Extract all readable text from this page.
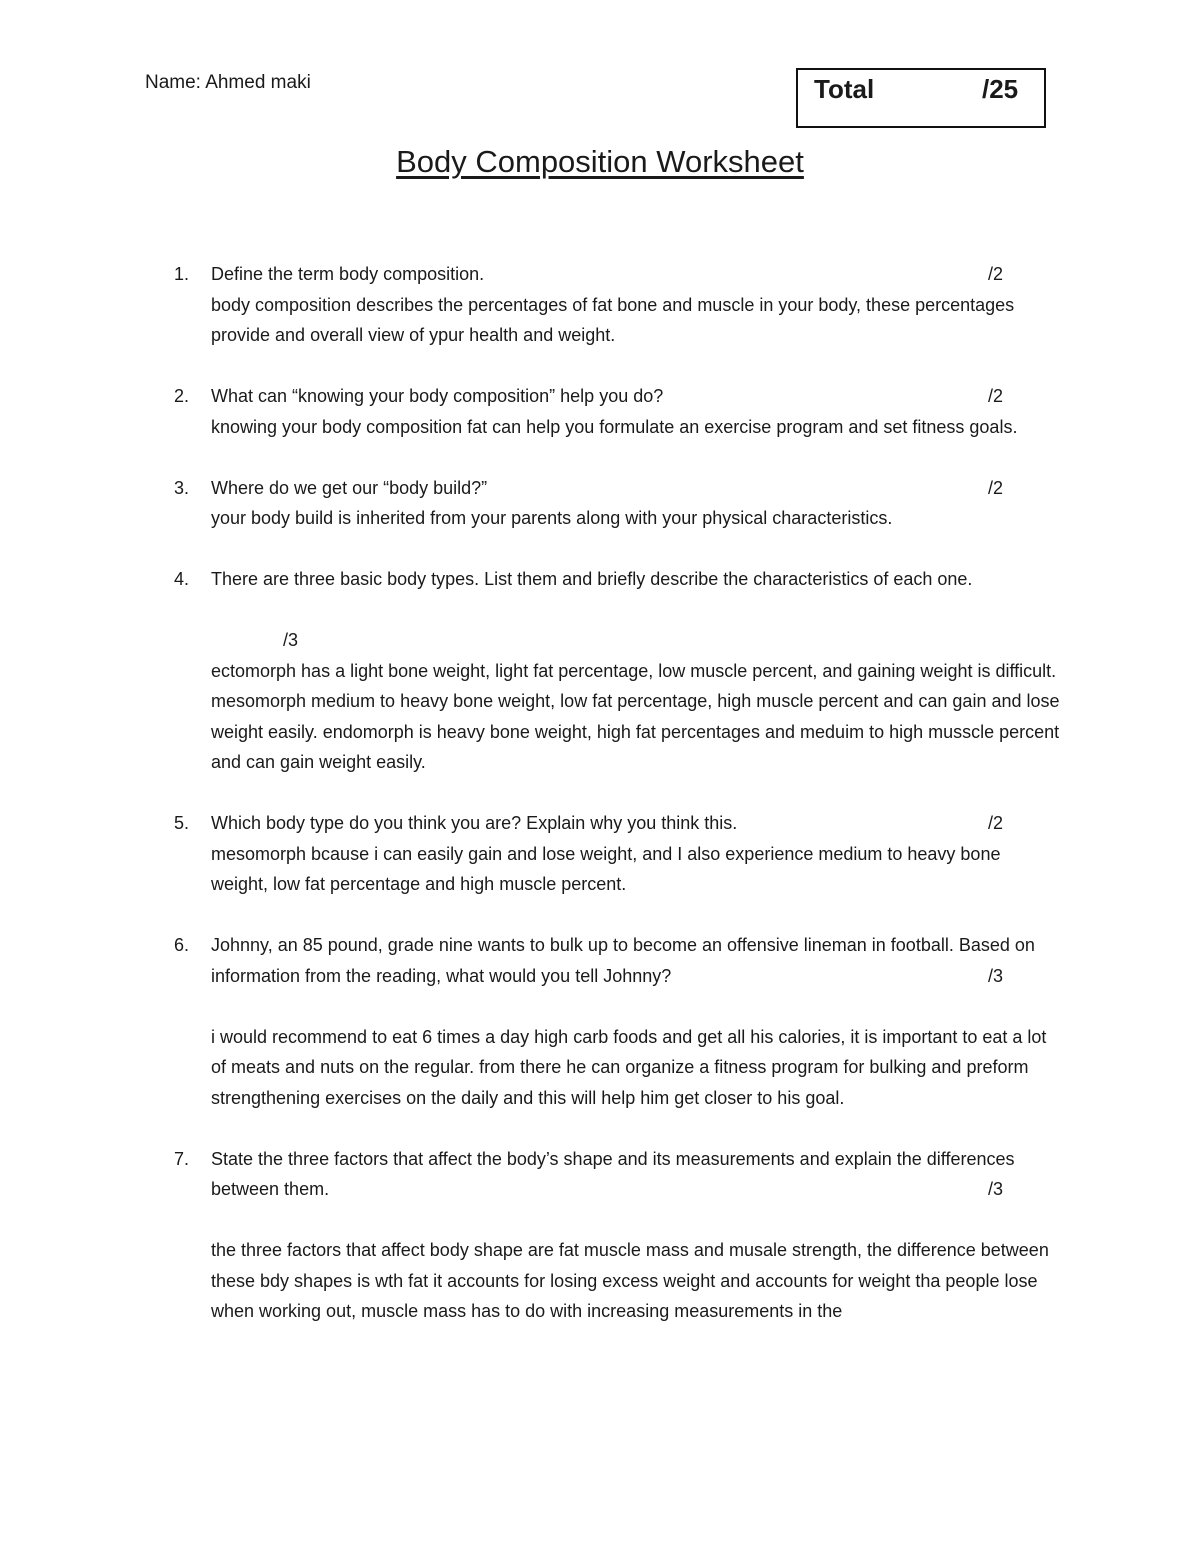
Name: Ahmed maki	Total	/25
Body Composition Worksheet
1. Define the term body composition.
body composition describes the percentages of fat bone and muscle in your body, these percentages provide and overall view of ypur health and weight.
/2
2. What can “knowing your body composition” help you do?
knowing your body composition fat can help you formulate an exercise program and set fitness goals.
/2
3. Where do we get our “body build?”
your body build is inherited from your parents along with your physical characteristics.
/2
4. There are three basic body types. List them and briefly describe the characteristics of each one.
/3
ectomorph has a light bone weight, light fat percentage, low muscle percent, and gaining weight is difficult. mesomorph medium to heavy bone weight, low fat percentage, high muscle percent and can gain and lose weight easily. endomorph is heavy bone weight, high fat percentages and meduim to high musscle percent and can gain weight easily.
5. Which body type do you think you are? Explain why you think this.
mesomorph bcause i can easily gain and lose weight, and I also experience medium to heavy bone weight, low fat percentage and high muscle percent.
/2
6. Johnny, an 85 pound, grade nine wants to bulk up to become an offensive lineman in football. Based on information from the reading, what would you tell Johnny?
i would recommend to eat 6 times a day high carb foods and get all his calories, it is important to eat a lot of meats and nuts on the regular. from there he can organize a fitness program for bulking and preform strengthening exercises on the daily and this will help him get closer to his goal.
/3
7. State the three factors that affect the body’s shape and its measurements and explain the differences between them.
the three factors that affect body shape are fat muscle mass and musale strength, the difference between these bdy shapes is wth fat it accounts for losing excess weight and accounts for weight tha people lose when working out, muscle mass has to do with increasing measurements in the
/3
